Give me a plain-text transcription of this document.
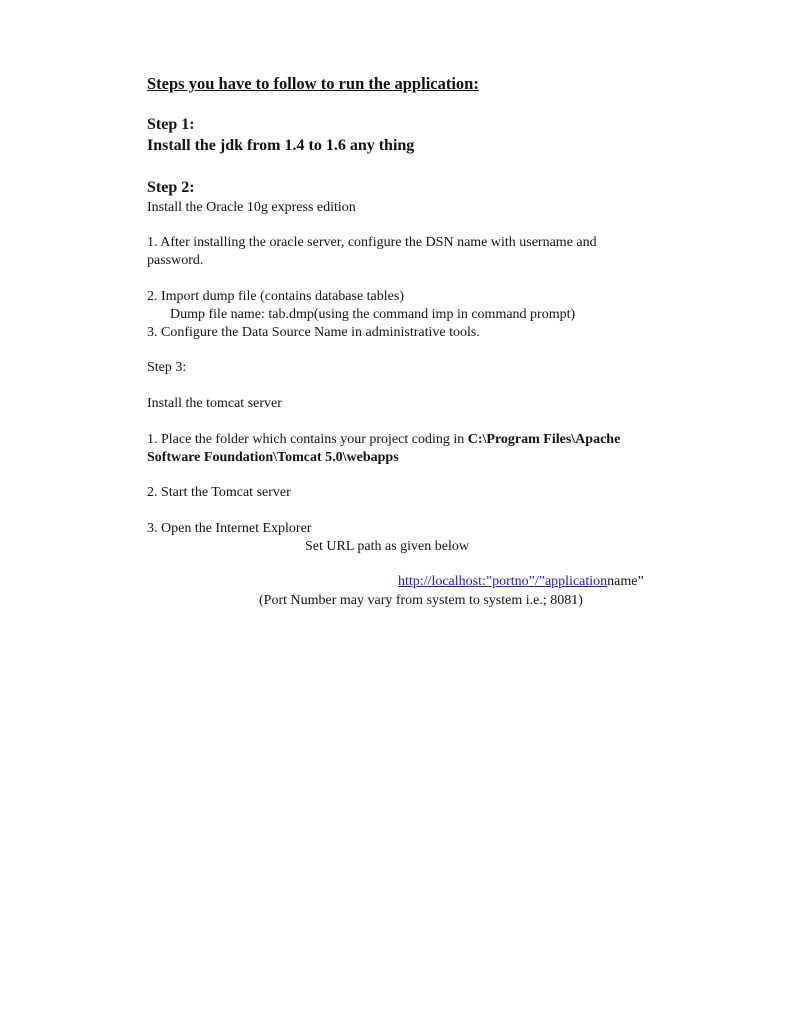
Steps you have to follow to run the application:
Step 1:
Install the jdk from 1.4 to 1.6 any thing
Step 2:
Install the Oracle 10g express edition
1. After installing the oracle server, configure the DSN name with username and
password.
2. Import dump file (contains database tables)
Dump file name: tab.dmp(using the command imp in command prompt)
3. Configure the Data Source Name in administrative tools.
Step 3:
Install the tomcat server
1. Place the folder which contains your project coding in C:\Program Files\Apache
Software Foundation\Tomcat 5.0\webapps
2. Start the Tomcat server
3. Open the Internet Explorer
Set URL path as given below
http://localhost:”portno”/”applicationname”
(Port Number may vary from system to system i.e.; 8081)
